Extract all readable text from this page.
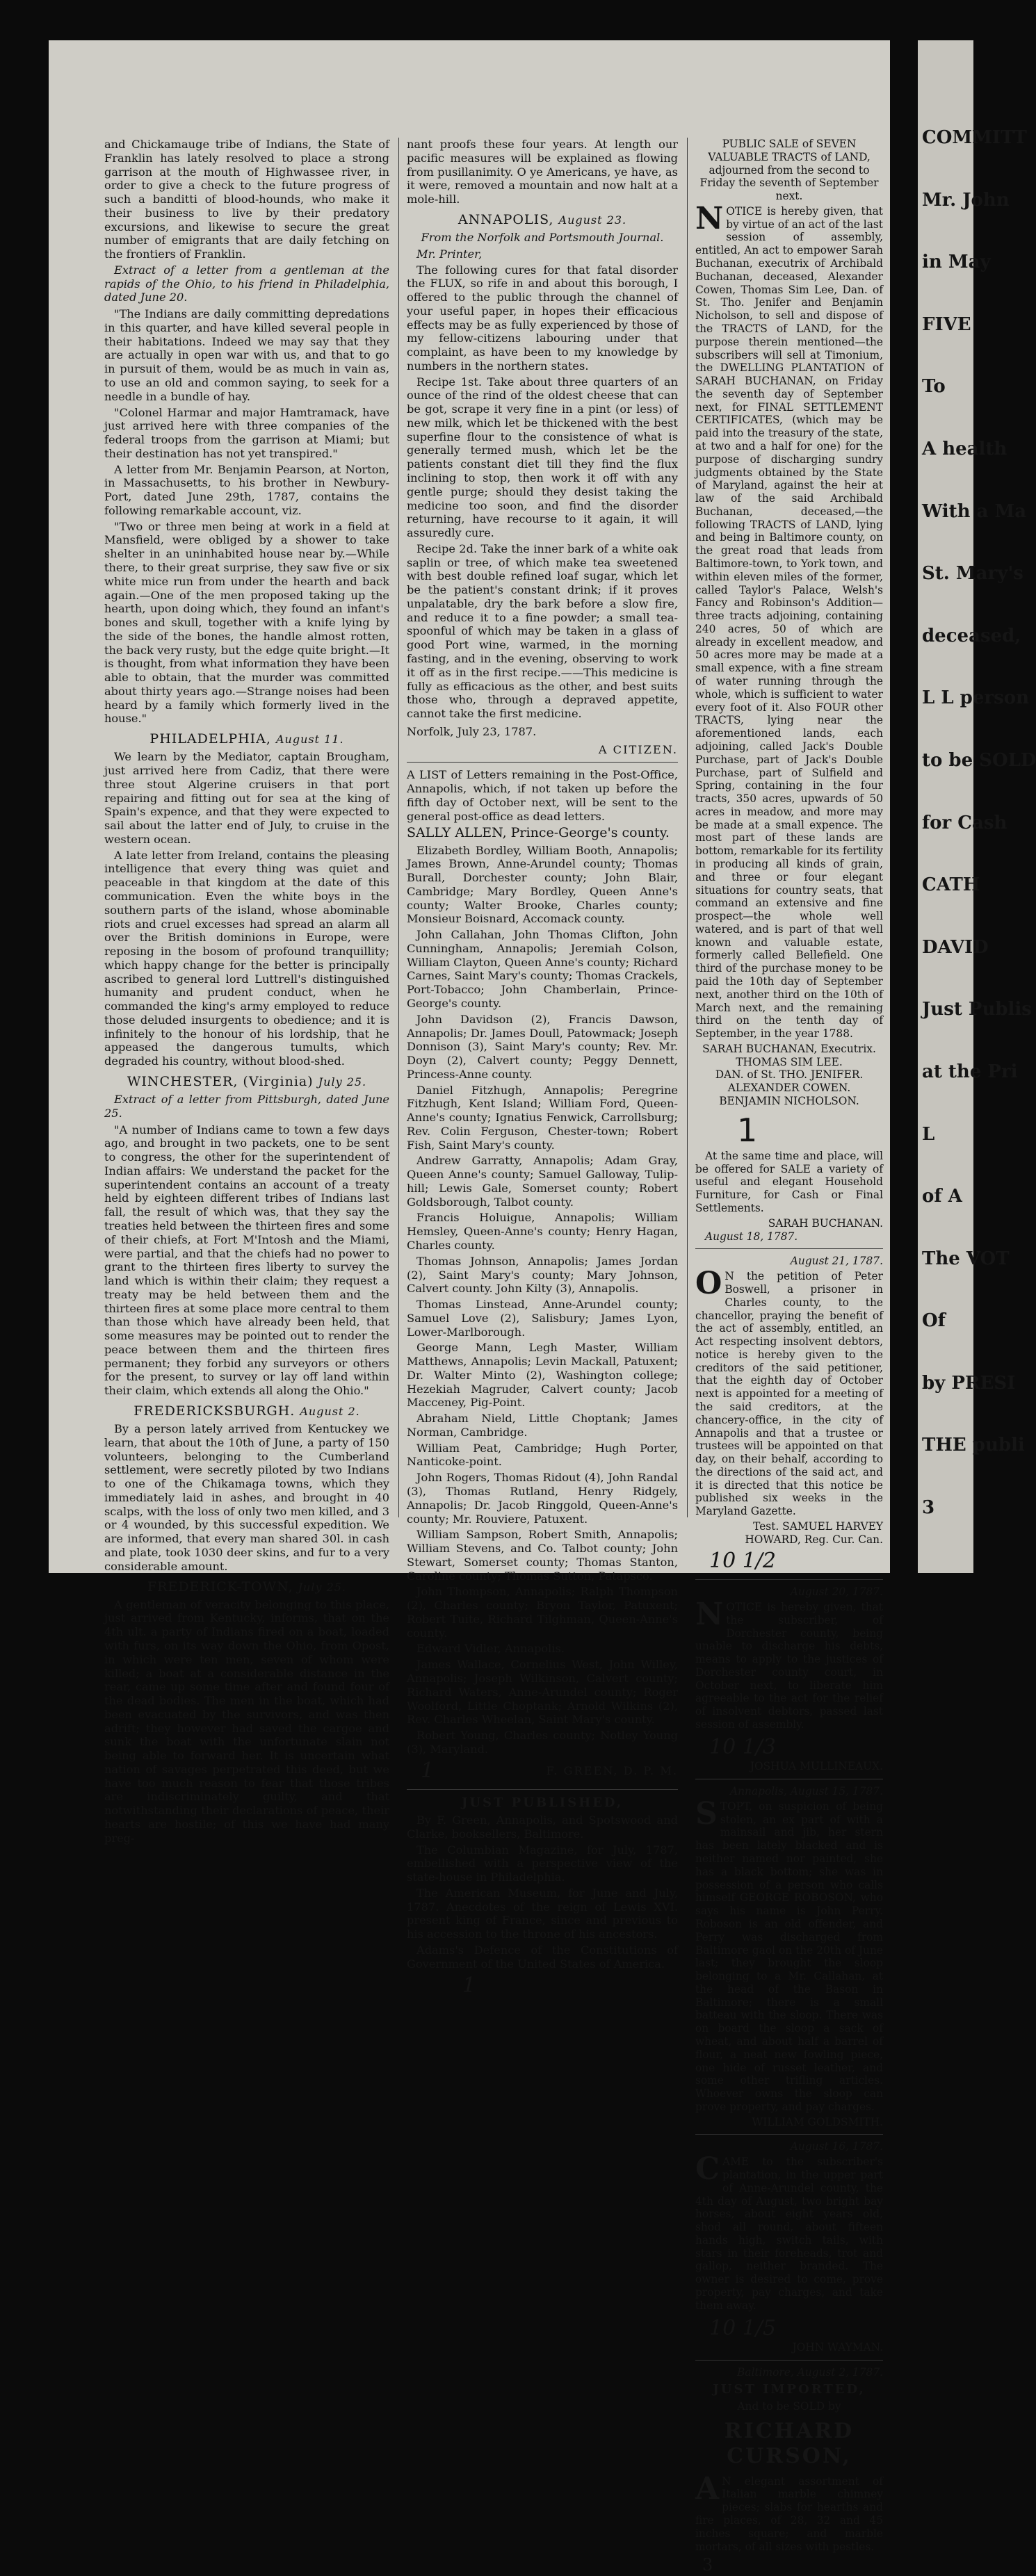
and Chickamauge tribe of Indians, the State of Franklin has lately resolved to place a strong garrison at the mouth of Highwassee river, in order to give a check to the future progress of such a banditti of blood-hounds, who make it their business to live by their predatory excursions, and likewise to secure the great number of emigrants that are daily fetching on the frontiers of Franklin.

Extract of a letter from a gentleman at the rapids of the Ohio, to his friend in Philadelphia, dated June 20.

"The Indians are daily committing depredations in this quarter, and have killed several people in their habitations. Indeed we may say that they are actually in open war with us, and that to go in pursuit of them, would be as much in vain as, to use an old and common saying, to seek for a needle in a bundle of hay.

"Colonel Harmar and major Hamtramack, have just arrived here with three companies of the federal troops from the garrison at Miami; but their destination has not yet transpired."

A letter from Mr. Benjamin Pearson, at Norton, in Massachusetts, to his brother in Newbury-Port, dated June 29th, 1787, contains the following remarkable account, viz.

"Two or three men being at work in a field at Mansfield, were obliged by a shower to take shelter in an uninhabited house near by.—While there, to their great surprise, they saw five or six white mice run from under the hearth and back again.—One of the men proposed taking up the hearth, upon doing which, they found an infant's bones and skull, together with a knife lying by the side of the bones, the handle almost rotten, the back very rusty, but the edge quite bright.—It is thought, from what information they have been able to obtain, that the murder was committed about thirty years ago.—Strange noises had been heard by a family which formerly lived in the house."

PHILADELPHIA, August 11.

We learn by the Mediator, captain Brougham, just arrived here from Cadiz, that there were three stout Algerine cruisers in that port repairing and fitting out for sea at the king of Spain's expence, and that they were expected to sail about the latter end of July, to cruise in the western ocean.

A late letter from Ireland, contains the pleasing intelligence that every thing was quiet and peaceable in that kingdom at the date of this communication. Even the white boys in the southern parts of the island, whose abominable riots and cruel excesses had spread an alarm all over the British dominions in Europe, were reposing in the bosom of profound tranquillity; which happy change for the better is principally ascribed to general lord Luttrell's distinguished humanity and prudent conduct, when he commanded the king's army employed to reduce those deluded insurgents to obedience; and it is infinitely to the honour of his lordship, that he appeased the dangerous tumults, which degraded his country, without blood-shed.

WINCHESTER, (Virginia) July 25.

Extract of a letter from Pittsburgh, dated June 25.

"A number of Indians came to town a few days ago, and brought in two packets, one to be sent to congress, the other for the superintendent of Indian affairs: We understand the packet for the superintendent contains an account of a treaty held by eighteen different tribes of Indians last fall, the result of which was, that they say the treaties held between the thirteen fires and some of their chiefs, at Fort M'Intosh and the Miami, were partial, and that the chiefs had no power to grant to the thirteen fires liberty to survey the land which is within their claim; they request a treaty may be held between them and the thirteen fires at some place more central to them than those which have already been held, that some measures may be pointed out to render the peace between them and the thirteen fires permanent; they forbid any surveyors or others for the present, to survey or lay off land within their claim, which extends all along the Ohio."

FREDERICKSBURGH. August 2.

By a person lately arrived from Kentuckey we learn, that about the 10th of June, a party of 150 volunteers, belonging to the Cumberland settlement, were secretly piloted by two Indians to one of the Chikamaga towns, which they immediately laid in ashes, and brought in 40 scalps, with the loss of only two men killed, and 3 or 4 wounded, by this successful expedition. We are informed, that every man shared 30l. in cash and plate, took 1030 deer skins, and fur to a very considerable amount.

FREDERICK-TOWN, July 25.

A gentleman of veracity belonging to this place, just arrived from Kentucky, informs, that on the 4th ult. a party of Indians fired on a boat, loaded with furs, on its way down the Ohio, from Opost, in which were ten men, seven of whom were killed; a boat at a considerable distance in the rear, came up some time after and found four of the dead bodies. The men in the boat, which had been evacuated by the survivors, and was then adrift; they however had saved the cargoe and sunk the boat with the unfortunate slain not being able to forward her. It is uncertain what nation of savages perpetrated this deed, but we have too much reason to fear that those tribes are indiscriminately guilty, and that notwithstanding their declarations of peace, their hearts are hostile; of this we have had many preg-

nant proofs these four years. At length our pacific measures will be explained as flowing from pusillanimity. O ye Americans, ye have, as it were, removed a mountain and now halt at a mole-hill.

ANNAPOLIS, August 23.

From the Norfolk and Portsmouth Journal.

Mr. Printer,

The following cures for that fatal disorder the FLUX, so rife in and about this borough, I offered to the public through the channel of your useful paper, in hopes their efficacious effects may be as fully experienced by those of my fellow-citizens labouring under that complaint, as have been to my knowledge by numbers in the northern states.

Recipe 1st. Take about three quarters of an ounce of the rind of the oldest cheese that can be got, scrape it very fine in a pint (or less) of new milk, which let be thickened with the best superfine flour to the consistence of what is generally termed mush, which let be the patients constant diet till they find the flux inclining to stop, then work it off with any gentle purge; should they desist taking the medicine too soon, and find the disorder returning, have recourse to it again, it will assuredly cure.

Recipe 2d. Take the inner bark of a white oak saplin or tree, of which make tea sweetened with best double refined loaf sugar, which let be the patient's constant drink; if it proves unpalatable, dry the bark before a slow fire, and reduce it to a fine powder; a small tea-spoonful of which may be taken in a glass of good Port wine, warmed, in the morning fasting, and in the evening, observing to work it off as in the first recipe.——This medicine is fully as efficacious as the other, and best suits those who, through a depraved appetite, cannot take the first medicine.

Norfolk, July 23, 1787.

A CITIZEN.

A LIST of Letters remaining in the Post-Office, Annapolis, which, if not taken up before the fifth day of October next, will be sent to the general post-office as dead letters.

SALLY ALLEN, Prince-George's county.

Elizabeth Bordley, William Booth, Annapolis; James Brown, Anne-Arundel county; Thomas Burall, Dorchester county; John Blair, Cambridge; Mary Bordley, Queen Anne's county; Walter Brooke, Charles county; Monsieur Boisnard, Accomack county.

John Callahan, John Thomas Clifton, John Cunningham, Annapolis; Jeremiah Colson, William Clayton, Queen Anne's county; Richard Carnes, Saint Mary's county; Thomas Crackels, Port-Tobacco; John Chamberlain, Prince-George's county.

John Davidson (2), Francis Dawson, Annapolis; Dr. James Doull, Patowmack; Joseph Donnison (3), Saint Mary's county; Rev. Mr. Doyn (2), Calvert county; Peggy Dennett, Princess-Anne county.

Daniel Fitzhugh, Annapolis; Peregrine Fitzhugh, Kent Island; William Ford, Queen-Anne's county; Ignatius Fenwick, Carrollsburg; Rev. Colin Ferguson, Chester-town; Robert Fish, Saint Mary's county.

Andrew Garratty, Annapolis; Adam Gray, Queen Anne's county; Samuel Galloway, Tulip-hill; Lewis Gale, Somerset county; Robert Goldsborough, Talbot county.

Francis Holuigue, Annapolis; William Hemsley, Queen-Anne's county; Henry Hagan, Charles county.

Thomas Johnson, Annapolis; James Jordan (2), Saint Mary's county; Mary Johnson, Calvert county. John Kilty (3), Annapolis.

Thomas Linstead, Anne-Arundel county; Samuel Love (2), Salisbury; James Lyon, Lower-Marlborough.

George Mann, Legh Master, William Matthews, Annapolis; Levin Mackall, Patuxent; Dr. Walter Minto (2), Washington college; Hezekiah Magruder, Calvert county; Jacob Macceney, Pig-Point.

Abraham Nield, Little Choptank; James Norman, Cambridge.

William Peat, Cambridge; Hugh Porter, Nanticoke-point.

John Rogers, Thomas Ridout (4), John Randal (3), Thomas Rutland, Henry Ridgely, Annapolis; Dr. Jacob Ringgold, Queen-Anne's county; Mr. Rouviere, Patuxent.

William Sampson, Robert Smith, Annapolis; William Stevens, and Co. Talbot county; John Stewart, Somerset county; Thomas Stanton, Caroline county; Thomas Sutton, Patapsco.

John Thompson, Annapolis; Ralph Thompson (2), Charles county; Bryon Taylor, Patuxent; Robert Tuite, Richard Tilghman, Queen-Anne's county.

Edward Vidler, Annapolis.

James Wallace, Cornelius West, John Willey, Annapolis; Joseph Wilkinson, Calvert county; Richard Waters, Anne-Arundel county; Roger Woolford, Little Choptank; Arnold Wilkins (2), Rev. Charles Wheelan, Saint Mary's county.

Robert Young, Charles county; Notley Young (3), Maryland.

1	F. GREEN, D. P. M.
JUST PUBLISHED,

By F. Green, Annapolis, and Spotswood and Clarke, booksellers, Baltimore.

The Columbian Magazine, for July, 1787, embellished with a perspective view of the state-house in Philadelphia.

The American Museum, for June and July, 1787. Anecdotes of the reign of Lewis XVI. present king of France, since and previous to his accession to the throne of his ancestors.

Adams's Defence of the Constitutions of Government of the United States of America.

1

PUBLIC SALE of SEVEN VALUABLE TRACTS of LAND, adjourned from the second to Friday the seventh of September next.

NOTICE is hereby given, that by virtue of an act of the last session of assembly, entitled, An act to empower Sarah Buchanan, executrix of Archibald Buchanan, deceased, Alexander Cowen, Thomas Sim Lee, Dan. of St. Tho. Jenifer and Benjamin Nicholson, to sell and dispose of the TRACTS of LAND, for the purpose therein mentioned—the subscribers will sell at Timonium, the DWELLING PLANTATION of SARAH BUCHANAN, on Friday the seventh day of September next, for FINAL SETTLEMENT CERTIFICATES, (which may be paid into the treasury of the state, at two and a half for one) for the purpose of discharging sundry judgments obtained by the State of Maryland, against the heir at law of the said Archibald Buchanan, deceased,—the following TRACTS of LAND, lying and being in Baltimore county, on the great road that leads from Baltimore-town, to York town, and within eleven miles of the former, called Taylor's Palace, Welsh's Fancy and Robinson's Addition—three tracts adjoining, containing 240 acres, 50 of which are already in excellent meadow, and 50 acres more may be made at a small expence, with a fine stream of water running through the whole, which is sufficient to water every foot of it. Also FOUR other TRACTS, lying near the aforementioned lands, each adjoining, called Jack's Double Purchase, part of Jack's Double Purchase, part of Sulfield and Spring, containing in the four tracts, 350 acres, upwards of 50 acres in meadow, and more may be made at a small expence. The most part of these lands are bottom, remarkable for its fertility in producing all kinds of grain, and three or four elegant situations for country seats, that command an extensive and fine prospect—the whole well watered, and is part of that well known and valuable estate, formerly called Bellefield. One third of the purchase money to be paid the 10th day of September next, another third on the 10th of March next, and the remaining third on the tenth day of September, in the year 1788.

SARAH BUCHANAN, Executrix.

THOMAS SIM LEE.

DAN. of St. THO. JENIFER.

ALEXANDER COWEN.

BENJAMIN NICHOLSON.

1

At the same time and place, will be offered for SALE a variety of useful and elegant Household Furniture, for Cash or Final Settlements.

SARAH BUCHANAN.

August 18, 1787.

August 21, 1787.

O N the petition of Peter Boswell, a prisoner in Charles county, to the chancellor, praying the benefit of the act of assembly, entitled, an Act respecting insolvent debtors, notice is hereby given to the creditors of the said petitioner, that the eighth day of October next is appointed for a meeting of the said creditors, at the chancery-office, in the city of Annapolis and that a trustee or trustees will be appointed on that day, on their behalf, according to the directions of the said act, and it is directed that this notice be published six weeks in the Maryland Gazette.

Test. SAMUEL HARVEY HOWARD, Reg. Cur. Can.

10 1/2

August 20, 1787.

NOTICE is hereby given, that the subscriber, of Dorchester county, being unable to discharge his debts, means to apply to the justices of Dorchester county court, in October next, to liberate him agreeable to the act for the relief of insolvent debtors, passed last session of assembly.

10 1/3

JOSHUA MULLINEAUX.

Annapolis, August 15, 1787.

STOPT, on suspicion of being stolen, an ex part of with a mainsail and jib, her stern has been lately blacked and is neither named nor painted, she has a black bottom; she was in possession of a person who calls himself GEORGE ROBOSON, who says his name is John Perry. Roboson is an old offender, and Perry was discharged from Baltimore gaol on the 20th of June last; they brought the sloop belonging to a Mr. Callahan, at the head of the Bason in Baltimore; there is a small batteau with the sloop. There was on board the sloop a sack of wheat, and about half a barrel of flour, a neat new fowling piece, one hide of russet leather, and some other trifling articles. Whoever owns the sloop can prove property, and pay charges.

WILLIAM GOLDSMITH.

August 16, 1787.

CAME to the subscriber's plantation, in the upper part of Anne-Arundel county, the 4th day of August, two bright bay horses, about eight years old, shod all round, about fifteen hands high, switch tails, with stars in their foreheads, trot and gallop, neither branded. The owner is desired to come, prove property, pay charges, and take them away.

10 1/5

JOHN WAYMAN.

Baltimore, August 2, 1787.

JUST IMPORTED,
And to be SOLD by
RICHARD CURSON,

A N elegant assortment of Italian marble chimney pieces; slabs for hearths and fire places, of 28, 32 and 45 inches square; and marble mortars, of all sizes with pestles.

3
COMMITT
Mr. John
in May
FIVE
To
A health
With a Ma
St. Mary's
deceased,
L L person
to be SOLD
for Cash
CATH
DAVID
Just Publis
at the Pri
L
of A
The VOT
Of
by PRESI
THE publi
3
